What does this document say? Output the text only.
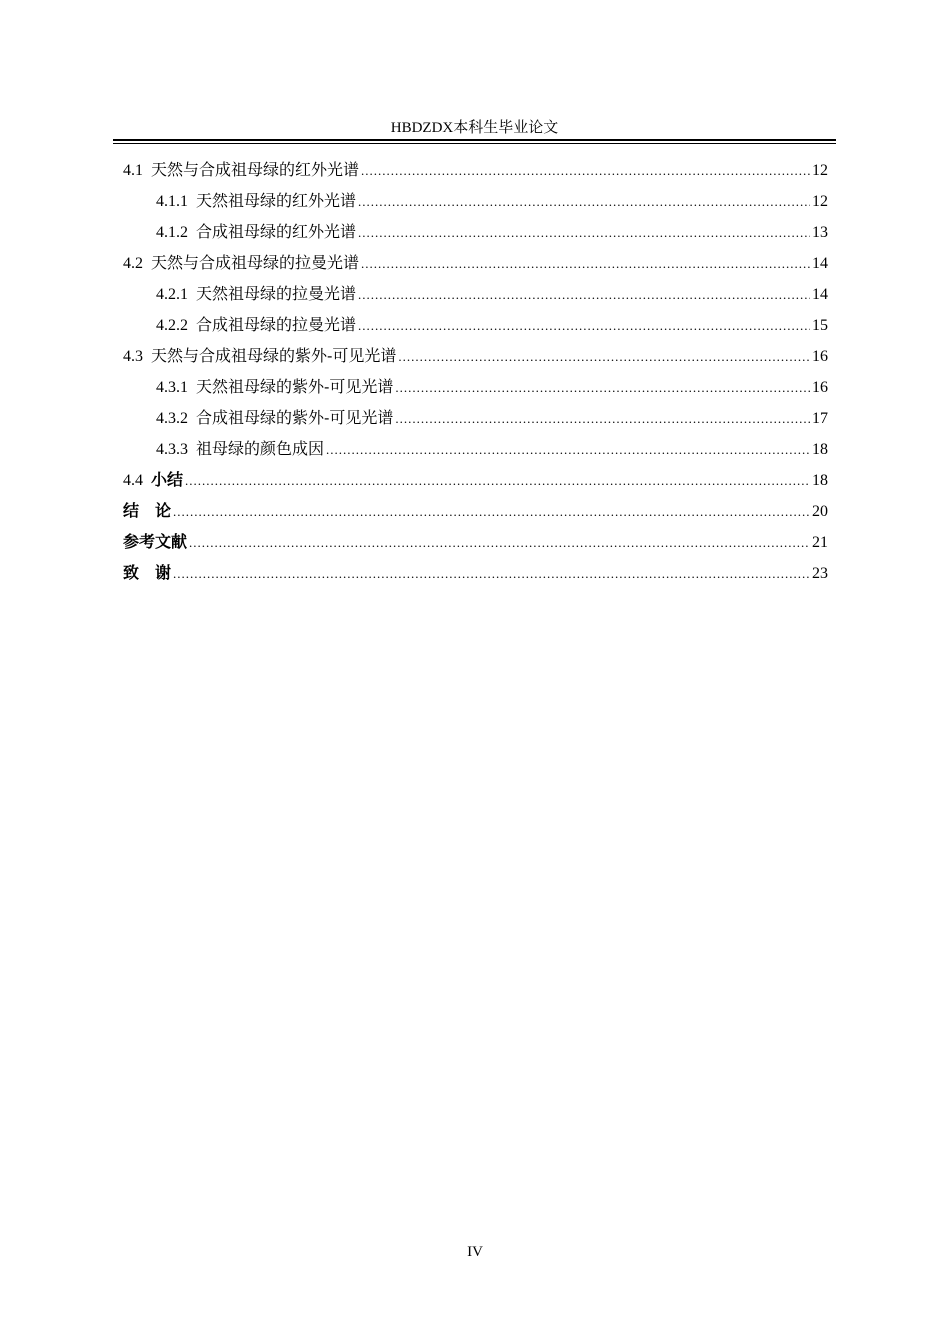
HBDZDX本科生毕业论文
4.1 天然与合成祖母绿的红外光谱 .....	12
4.1.1 天然祖母绿的红外光谱 .....	12
4.1.2 合成祖母绿的红外光谱 .....	13
4.2 天然与合成祖母绿的拉曼光谱 .....	14
4.2.1 天然祖母绿的拉曼光谱 .....	14
4.2.2 合成祖母绿的拉曼光谱 .....	15
4.3 天然与合成祖母绿的紫外-可见光谱 .....	16
4.3.1 天然祖母绿的紫外-可见光谱 .....	16
4.3.2 合成祖母绿的紫外-可见光谱 .....	17
4.3.3 祖母绿的颜色成因 .....	18
4.4 小结 .....	18
结　论 .....	20
参考文献 .....	21
致　谢 .....	23
IV
